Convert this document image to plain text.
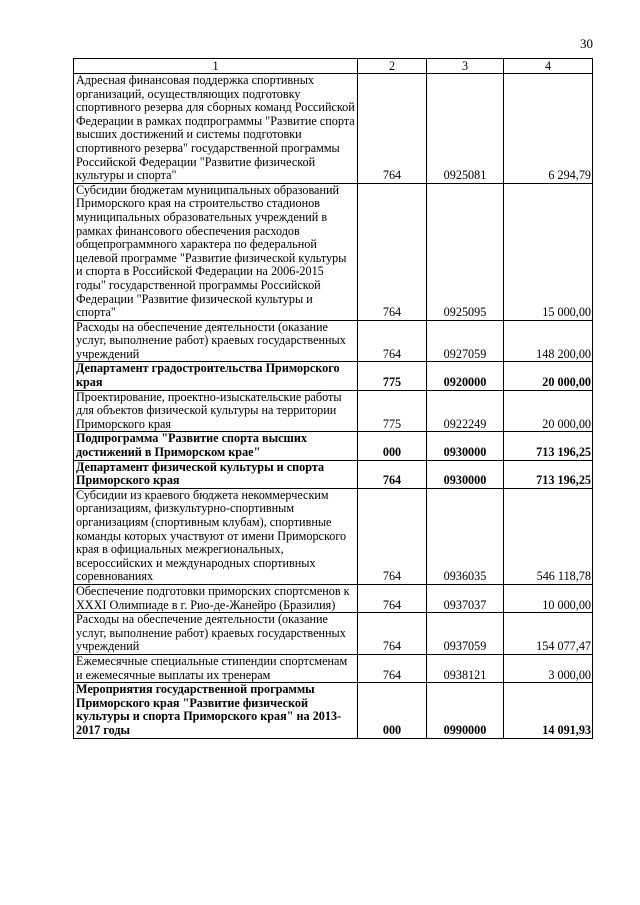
30
1	2	3	4
Адресная финансовая поддержка спортивных организаций, осуществляющих подготовку спортивного резерва для сборных команд Российской Федерации в рамках подпрограммы "Развитие спорта высших достижений и системы подготовки спортивного резерва" государственной программы Российской Федерации "Развитие физической культуры и спорта"	764	0925081	6 294,79
Субсидии бюджетам муниципальных образований Приморского края на строительство стадионов муниципальных образовательных учреждений в рамках финансового обеспечения расходов общепрограммного характера по федеральной целевой программе "Развитие физической культуры и спорта в Российской Федерации на 2006-2015 годы" государственной программы Российской Федерации "Развитие физической культуры и спорта"	764	0925095	15 000,00
Расходы на обеспечение деятельности (оказание услуг, выполнение работ) краевых государственных учреждений	764	0927059	148 200,00
Департамент градостроительства Приморского края	775	0920000	20 000,00
Проектирование, проектно-изыскательские работы для объектов физической культуры на территории Приморского края	775	0922249	20 000,00
Подпрограмма "Развитие спорта высших достижений в Приморском крае"	000	0930000	713 196,25
Департамент физической культуры и спорта Приморского края	764	0930000	713 196,25
Субсидии из краевого бюджета некоммерческим организациям, физкультурно-спортивным организациям (спортивным клубам), спортивные команды которых участвуют от имени Приморского края в официальных межрегиональных, всероссийских и международных спортивных соревнованиях	764	0936035	546 118,78
Обеспечение подготовки приморских спортсменов к XXXI Олимпиаде в г. Рио-де-Жанейро (Бразилия)	764	0937037	10 000,00
Расходы на обеспечение деятельности (оказание услуг, выполнение работ) краевых государственных учреждений	764	0937059	154 077,47
Ежемесячные специальные стипендии спортсменам и ежемесячные выплаты их тренерам	764	0938121	3 000,00
Мероприятия государственной программы Приморского края "Развитие физической культуры и спорта Приморского края" на 2013-2017 годы	000	0990000	14 091,93
